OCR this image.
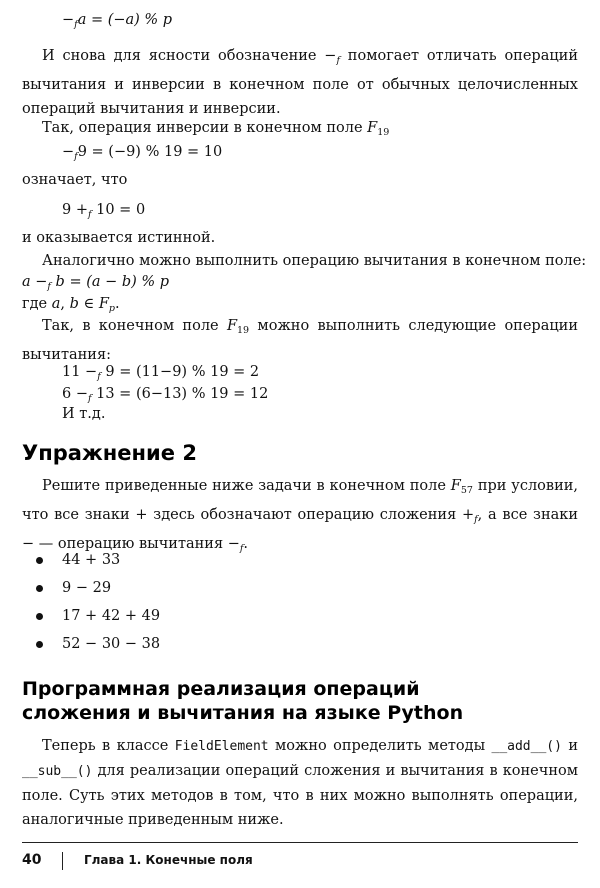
$-_fa = (-a)$ % p

И снова для ясности обозначение $-_f$ помогает отличать операций вычитания и инверсии в конечном поле от обычных целочисленных операций вычитания и инверсии.

Так, операция инверсии в конечном поле $F_{19}$

$-_f9 = (-9)$ % 19 = 10

означает, что

$9 +_f$ 10 = 0

и оказывается истинной.

Аналогично можно выполнить операцию вычитания в конечном поле:

$a -_f$ b = (a − b) % p

где a, b ∈ $F_p$.

Так, в конечном поле $F_{19}$ можно выполнить следующие операции вычитания:

$11 -_f$ 9 = (11−9) % 19 = 2

$6 -_f$ 13 = (6−13) % 19 = 12

И т.д.

Упражнение 2

Решите приведенные ниже задачи в конечном поле $F_{57}$ при условии, что все знаки + здесь обозначают операцию сложения $+_f$, а все знаки − — операцию вычитания $-_f$.

44 + 33
9 − 29
17 + 42 + 49
52 − 30 − 38
Программная реализация операций
сложения и вычитания на языке Python

Теперь в классе FieldElement можно определить методы __add__() и __sub__() для реализации операций сложения и вычитания в конечном поле. Суть этих методов в том, что в них можно выполнять операции, аналогичные приведенным ниже.

40	Глава 1. Конечные поля
